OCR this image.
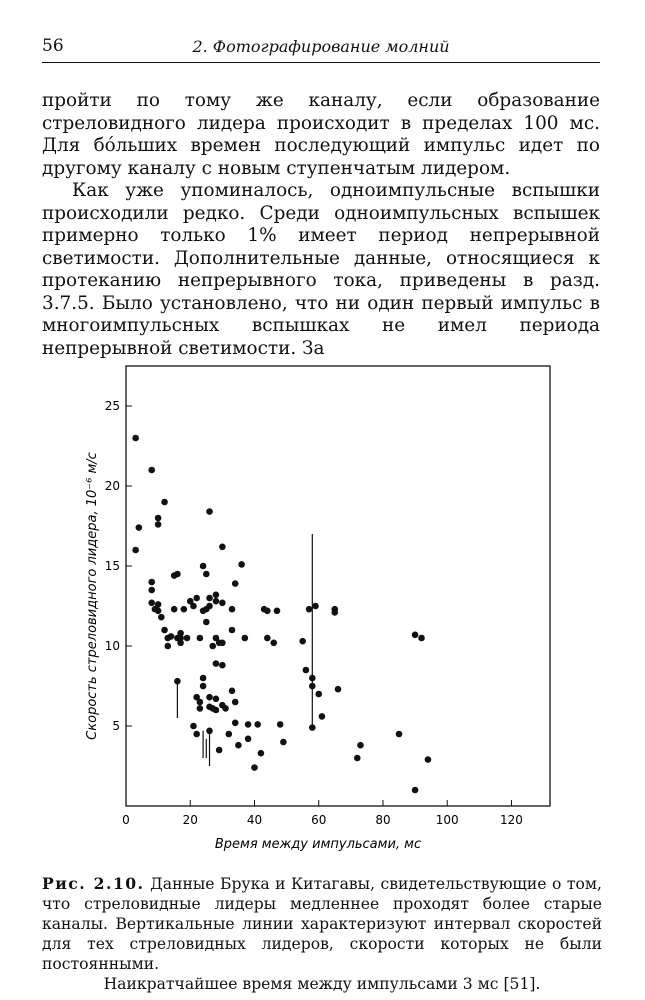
56	2. Фотографирование молний

пройти по тому же каналу, если образование стреловидного лидера происходит в пределах 100 мс. Для бо́льших времен последующий импульс идет по другому каналу с новым ступенчатым лидером.

Как уже упоминалось, одноимпульсные вспышки происходили редко. Среди одноимпульсных вспышек примерно только 1% имеет период непрерывной светимости. Дополнительные данные, относящиеся к протеканию непрерывного тока, приведены в разд. 3.7.5. Было установлено, что ни один первый импульс в многоимпульсных вспышках не имел периода непрерывной светимости. За

0	20	40	60	80	100	120
5
10
15
20
25
Время между импульсами, мс
Скорость стреловидного лидера, 10⁻⁶ м/с

Рис. 2.10. Данные Брука и Китагавы, свидетельствующие о том, что стреловидные лидеры медленнее проходят более старые каналы. Вертикальные линии характеризуют интервал скоростей для тех стреловидных лидеров, скорости которых не были постоянными.
Наикратчайшее время между импульсами 3 мс [51].
